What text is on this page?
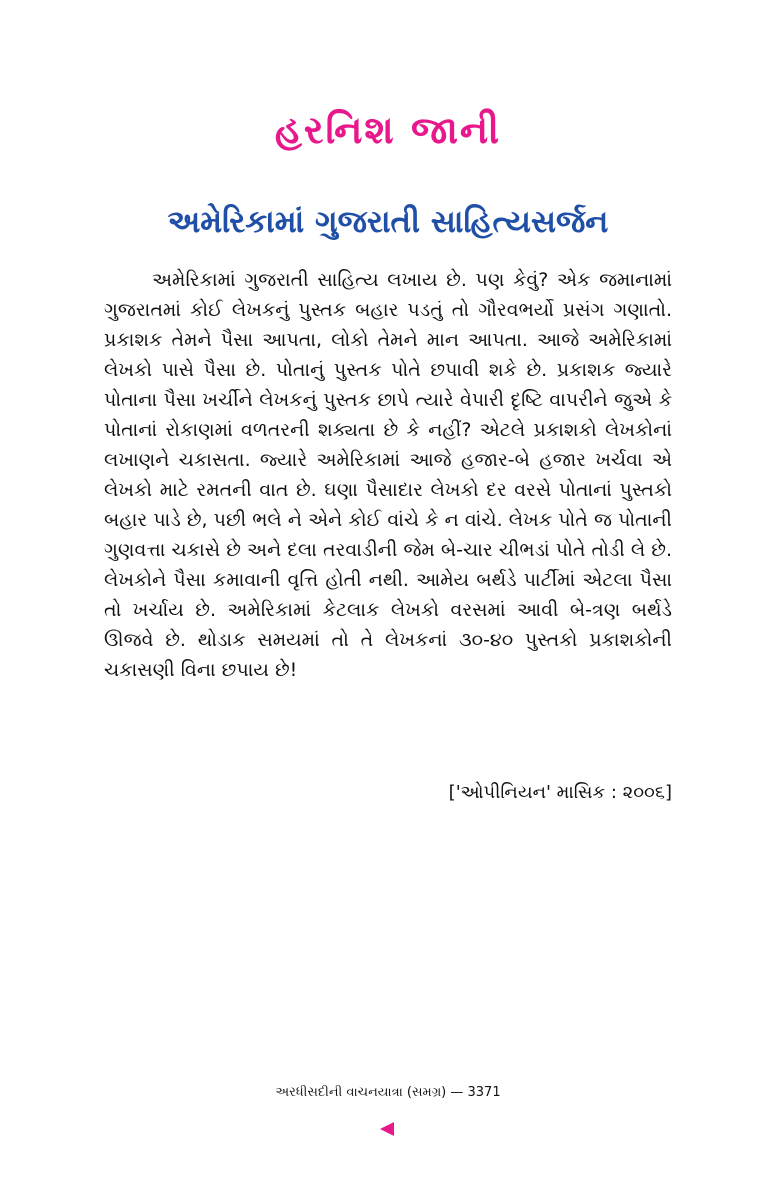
હરનિશ જાની
અમેરિકામાં ગુજરાતી સાહિત્યસર્જન

અમેરિકામાં ગુજરાતી સાહિત્ય લખાય છે. પણ કેવું? એક જમાનામાં ગુજરાતમાં કોઈ લેખકનું પુસ્તક બહાર પડતું તો ગૌરવભર્યો પ્રસંગ ગણાતો. પ્રકાશક તેમને પૈસા આપતા, લોકો તેમને માન આપતા. આજે અમેરિકામાં લેખકો પાસે પૈસા છે. પોતાનું પુસ્તક પોતે છપાવી શકે છે. પ્રકાશક જ્યારે પોતાના પૈસા ખર્ચીને લેખકનું પુસ્તક છાપે ત્યારે વેપારી દૃષ્ટિ વાપરીને જુએ કે પોતાનાં રોકાણમાં વળતરની શક્યતા છે કે નહીં? એટલે પ્રકાશકો લેખકોનાં લખાણને ચકાસતા. જ્યારે અમેરિકામાં આજે હજાર-બે હજાર ખર્ચવા એ લેખકો માટે રમતની વાત છે. ઘણા પૈસાદાર લેખકો દર વરસે પોતાનાં પુસ્તકો બહાર પાડે છે, પછી ભલે ને એને કોઈ વાંચે કે ન વાંચે. લેખક પોતે જ પોતાની ગુણવત્તા ચકાસે છે અને દલા તરવાડીની જેમ બે-ચાર ચીભડાં પોતે તોડી લે છે. લેખકોને પૈસા કમાવાની વૃત્તિ હોતી નથી. આમેય બર્થડે પાર્ટીમાં એટલા પૈસા તો ખર્ચાય છે. અમેરિકામાં કેટલાક લેખકો વરસમાં આવી બે-ત્રણ બર્થડે ઊજવે છે. થોડાક સમયમાં તો તે લેખકનાં ૩૦-૪૦ પુસ્તકો પ્રકાશકોની ચકાસણી વિના છપાય છે!

['ઓપીનિયન' માસિક : ૨૦૦૬]
અરધીસદીની વાચનયાત્રા (સમગ્ર) — 3371
